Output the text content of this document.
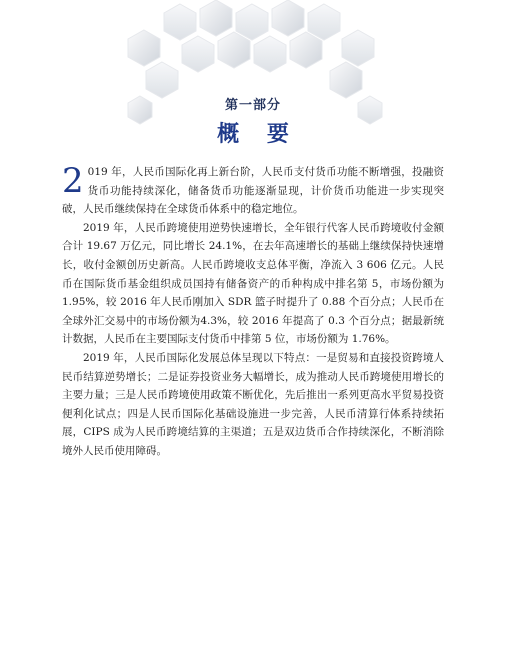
第一部分
概 要

2 019 年，人民币国际化再上新台阶，人民币支付货币功能不断增强，投融资货币功能持续深化，储备货币功能逐渐显现，计价货币功能进一步实现突破，人民币继续保持在全球货币体系中的稳定地位。

2019 年，人民币跨境使用逆势快速增长，全年银行代客人民币跨境收付金额合计 19.67 万亿元，同比增长 24.1%，在去年高速增长的基础上继续保持快速增长，收付金额创历史新高。人民币跨境收支总体平衡，净流入 3 606 亿元。人民币在国际货币基金组织成员国持有储备资产的币种构成中排名第 5，市场份额为 1.95%，较 2016 年人民币刚加入 SDR 篮子时提升了 0.88 个百分点；人民币在全球外汇交易中的市场份额为4.3%，较 2016 年提高了 0.3 个百分点；据最新统计数据，人民币在主要国际支付货币中排第 5 位，市场份额为 1.76%。

2019 年，人民币国际化发展总体呈现以下特点：一是贸易和直接投资跨境人民币结算逆势增长；二是证券投资业务大幅增长，成为推动人民币跨境使用增长的主要力量；三是人民币跨境使用政策不断优化，先后推出一系列更高水平贸易投资便利化试点；四是人民币国际化基础设施进一步完善，人民币清算行体系持续拓展，CIPS 成为人民币跨境结算的主渠道；五是双边货币合作持续深化，不断消除境外人民币使用障碍。
